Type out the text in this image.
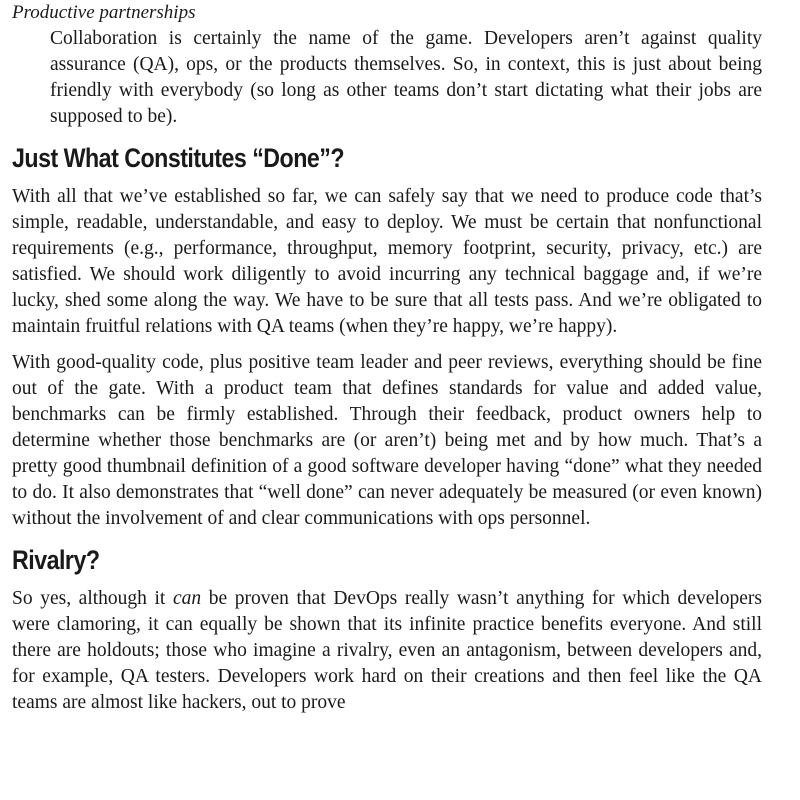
Productive partnerships

Collaboration is certainly the name of the game. Developers aren’t against quality assurance (QA), ops, or the products themselves. So, in context, this is just about being friendly with everybody (so long as other teams don’t start dictating what their jobs are supposed to be).

Just What Constitutes “Done”?

With all that we’ve established so far, we can safely say that we need to produce code that’s simple, readable, understandable, and easy to deploy. We must be certain that nonfunctional requirements (e.g., performance, throughput, memory footprint, security, privacy, etc.) are satisfied. We should work diligently to avoid incurring any technical baggage and, if we’re lucky, shed some along the way. We have to be sure that all tests pass. And we’re obligated to maintain fruitful relations with QA teams (when they’re happy, we’re happy).

With good-quality code, plus positive team leader and peer reviews, everything should be fine out of the gate. With a product team that defines standards for value and added value, benchmarks can be firmly established. Through their feedback, product owners help to determine whether those benchmarks are (or aren’t) being met and by how much. That’s a pretty good thumbnail definition of a good software developer having “done” what they needed to do. It also demonstrates that “well done” can never adequately be measured (or even known) without the involvement of and clear communications with ops personnel.

Rivalry?

So yes, although it can be proven that DevOps really wasn’t anything for which developers were clamoring, it can equally be shown that its infinite practice benefits everyone. And still there are holdouts; those who imagine a rivalry, even an antagonism, between developers and, for example, QA testers. Developers work hard on their creations and then feel like the QA teams are almost like hackers, out to prove
